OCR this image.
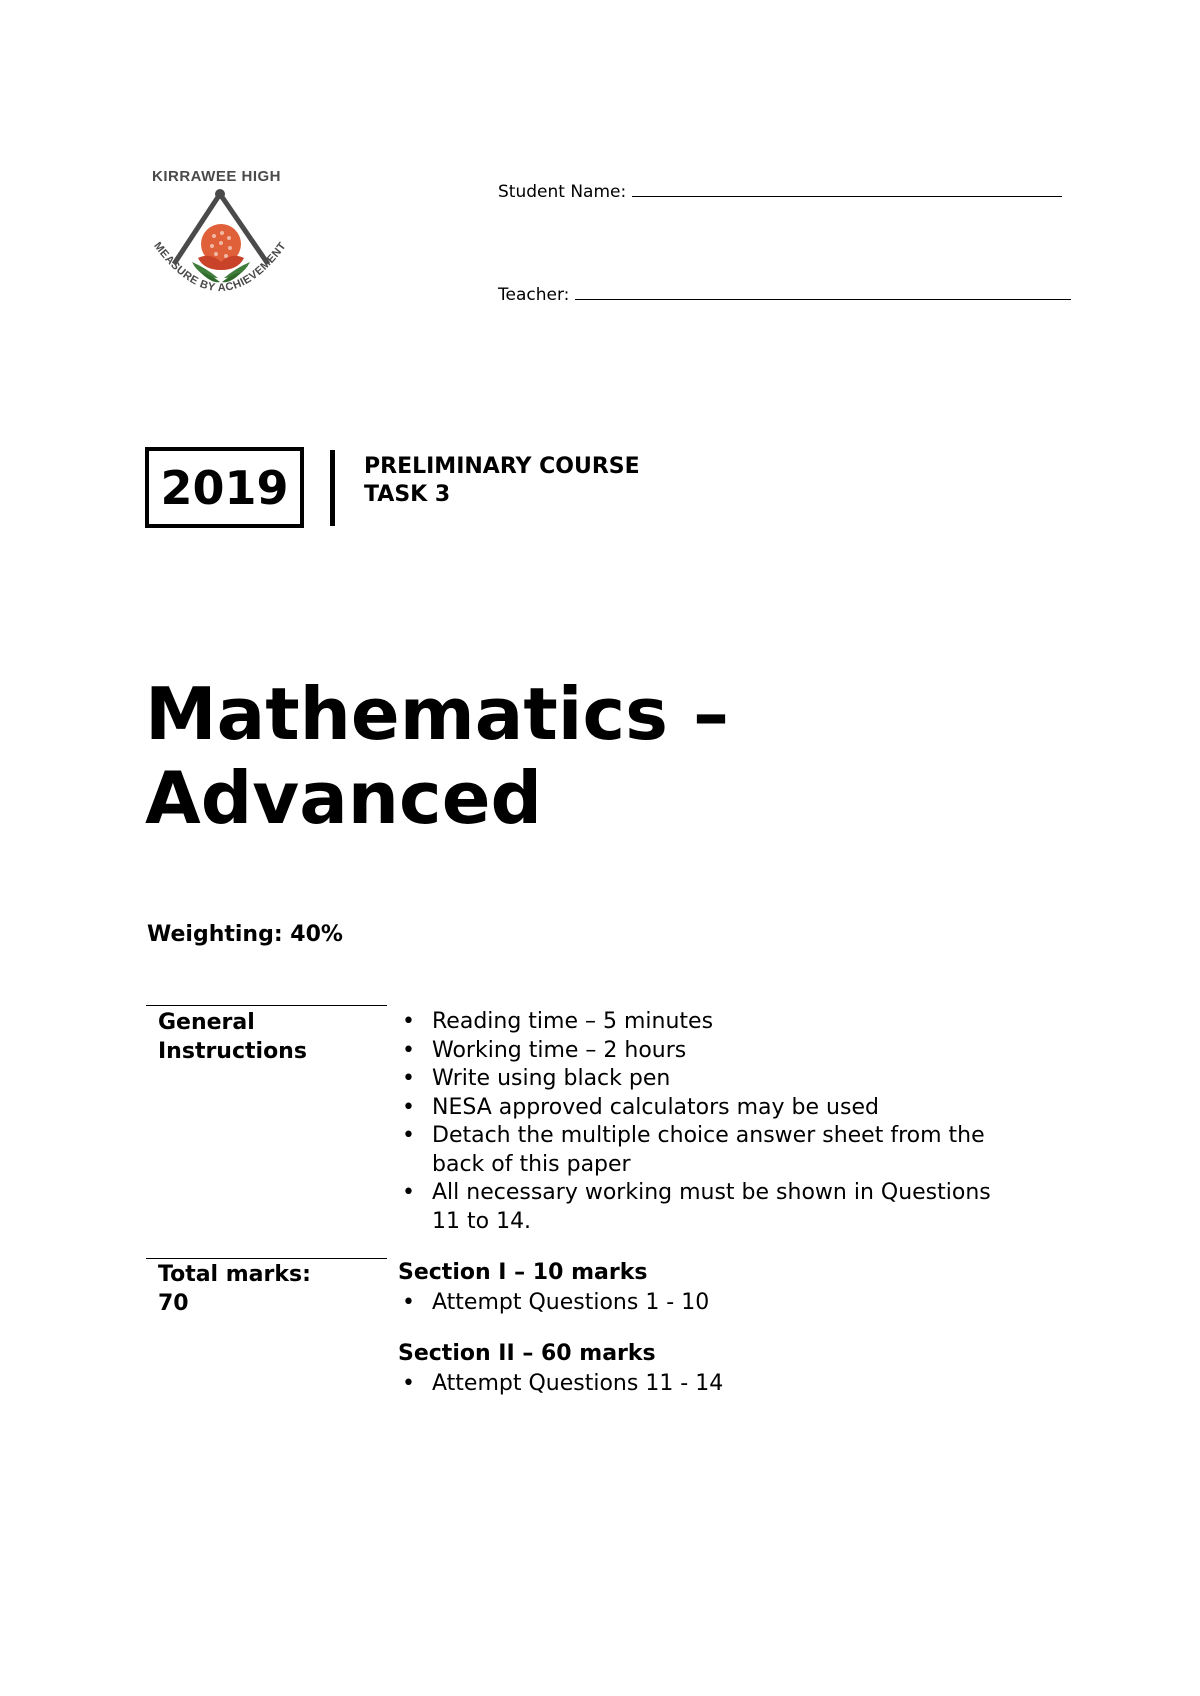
KIRRAWEE HIGH
MEASURE BY ACHIEVEMENT
Student Name:
Teacher:
2019	PRELIMINARY COURSE
TASK 3
Mathematics –
Advanced
Weighting: 40%
General
Instructions
• Reading time – 5 minutes
• Working time – 2 hours
• Write using black pen
• NESA approved calculators may be used
• Detach the multiple choice answer sheet from the
back of this paper
• All necessary working must be shown in Questions
11 to 14.
Total marks:
70
Section I – 10 marks
• Attempt Questions 1 - 10
Section II – 60 marks
• Attempt Questions 11 - 14
